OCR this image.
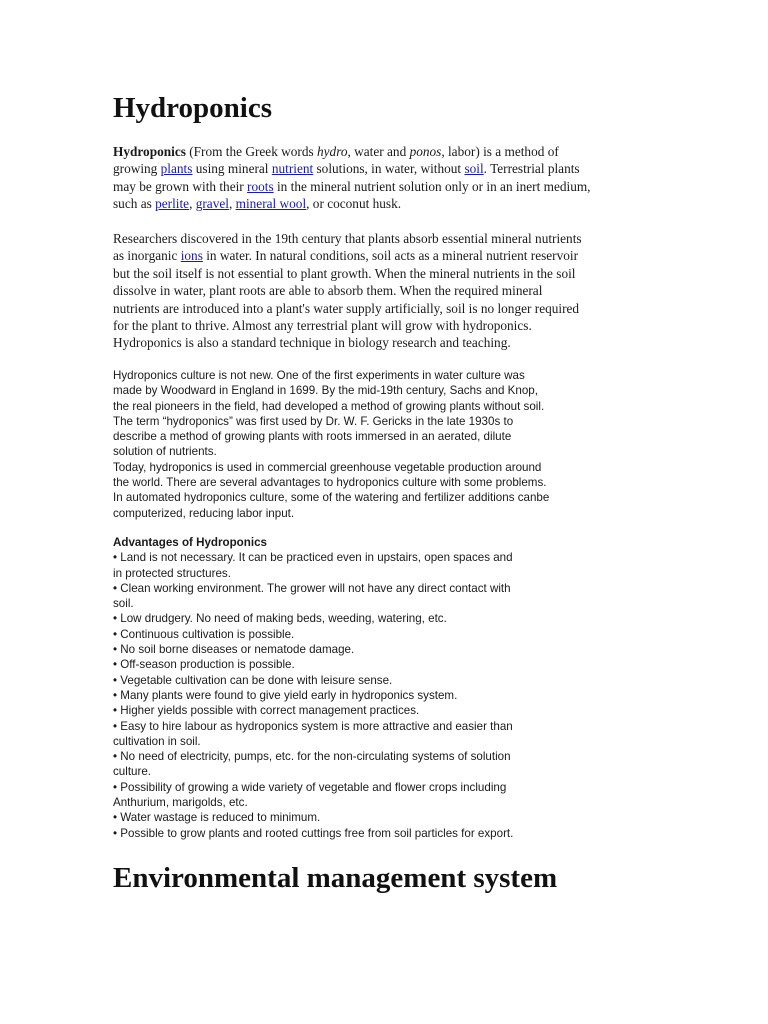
Hydroponics
Hydroponics (From the Greek words hydro, water and ponos, labor) is a method of
growing plants using mineral nutrient solutions, in water, without soil. Terrestrial plants
may be grown with their roots in the mineral nutrient solution only or in an inert medium,
such as perlite, gravel, mineral wool, or coconut husk.
Researchers discovered in the 19th century that plants absorb essential mineral nutrients
as inorganic ions in water. In natural conditions, soil acts as a mineral nutrient reservoir
but the soil itself is not essential to plant growth. When the mineral nutrients in the soil
dissolve in water, plant roots are able to absorb them. When the required mineral
nutrients are introduced into a plant's water supply artificially, soil is no longer required
for the plant to thrive. Almost any terrestrial plant will grow with hydroponics.
Hydroponics is also a standard technique in biology research and teaching.
Hydroponics culture is not new. One of the first experiments in water culture was
made by Woodward in England in 1699. By the mid-19th century, Sachs and Knop,
the real pioneers in the field, had developed a method of growing plants without soil.
The term “hydroponics” was first used by Dr. W. F. Gericks in the late 1930s to
describe a method of growing plants with roots immersed in an aerated, dilute
solution of nutrients.
Today, hydroponics is used in commercial greenhouse vegetable production around
the world. There are several advantages to hydroponics culture with some problems.
In automated hydroponics culture, some of the watering and fertilizer additions canbe
computerized, reducing labor input.
Advantages of Hydroponics
• Land is not necessary. It can be practiced even in upstairs, open spaces and
in protected structures.
• Clean working environment. The grower will not have any direct contact with
soil.
• Low drudgery. No need of making beds, weeding, watering, etc.
• Continuous cultivation is possible.
• No soil borne diseases or nematode damage.
• Off-season production is possible.
• Vegetable cultivation can be done with leisure sense.
• Many plants were found to give yield early in hydroponics system.
• Higher yields possible with correct management practices.
• Easy to hire labour as hydroponics system is more attractive and easier than
cultivation in soil.
• No need of electricity, pumps, etc. for the non-circulating systems of solution
culture.
• Possibility of growing a wide variety of vegetable and flower crops including
Anthurium, marigolds, etc.
• Water wastage is reduced to minimum.
• Possible to grow plants and rooted cuttings free from soil particles for export.
Environmental management system
